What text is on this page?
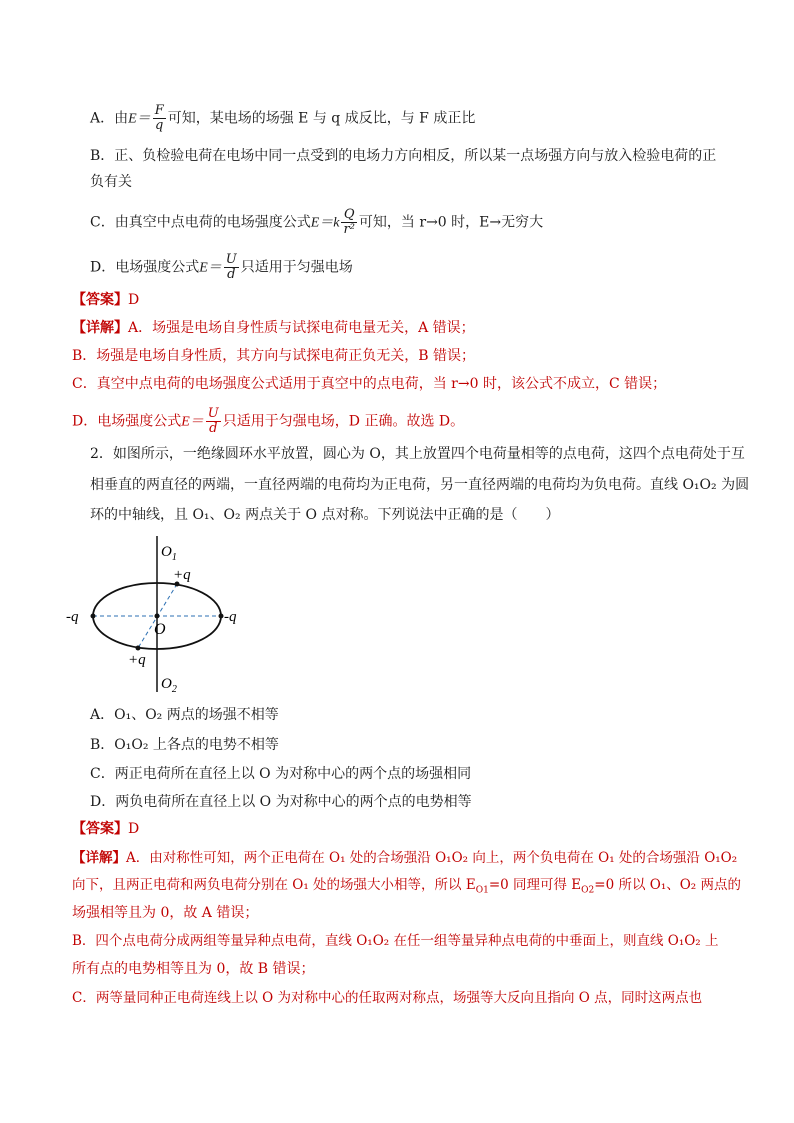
A．由$E= \frac{F}{q}$ 可知，某电场的场强 E 与 q 成反比，与 F 成正比
B．正、负检验电荷在电场中同一点受到的电场力方向相反，所以某一点场强方向与放入检验电荷的正
负有关
C．由真空中点电荷的电场强度公式$E=k \frac{Q}{\text{r²}}$ 可知，当 r→0 时，E→无穷大
D．电场强度公式$E= \frac{U}{d}$ 只适用于匀强电场
【答案】D
【详解】A．场强是电场自身性质与试探电荷电量无关，A 错误；
B．场强是电场自身性质，其方向与试探电荷正负无关，B 错误；
C．真空中点电荷的电场强度公式适用于真空中的点电荷，当 r→0 时，该公式不成立，C 错误；
D．电场强度公式$E= \frac{U}{d}$ 只适用于匀强电场，D 正确。故选 D。
2．如图所示，一绝缘圆环水平放置，圆心为 O，其上放置四个电荷量相等的点电荷，这四个点电荷处于互
相垂直的两直径的两端，一直径两端的电荷均为正电荷，另一直径两端的电荷均为负电荷。直线 O₁O₂ 为圆
环的中轴线，且 O₁、O₂ 两点关于 O 点对称。下列说法中正确的是（　　）
$O_1$
+q
-q	-q
O
+q
$O_2$
A．O₁、O₂ 两点的场强不相等
B．O₁O₂ 上各点的电势不相等
C．两正电荷所在直径上以 O 为对称中心的两个点的场强相同
D．两负电荷所在直径上以 O 为对称中心的两个点的电势相等
【答案】D
【详解】A．由对称性可知，两个正电荷在 O₁ 处的合场强沿 O₁O₂ 向上，两个负电荷在 O₁ 处的合场强沿 O₁O₂
向下，且两正电荷和两负电荷分别在 O₁ 处的场强大小相等，所以 $E_{O1}=0$ 同理可得 $E_{O2}=0$ 所以 O₁、O₂ 两点的
场强相等且为 0，故 A 错误；
B．四个点电荷分成两组等量异种点电荷，直线 O₁O₂ 在任一组等量异种点电荷的中垂面上，则直线 O₁O₂ 上
所有点的电势相等且为 0，故 B 错误；
C．两等量同种正电荷连线上以 O 为对称中心的任取两对称点，场强等大反向且指向 O 点，同时这两点也
